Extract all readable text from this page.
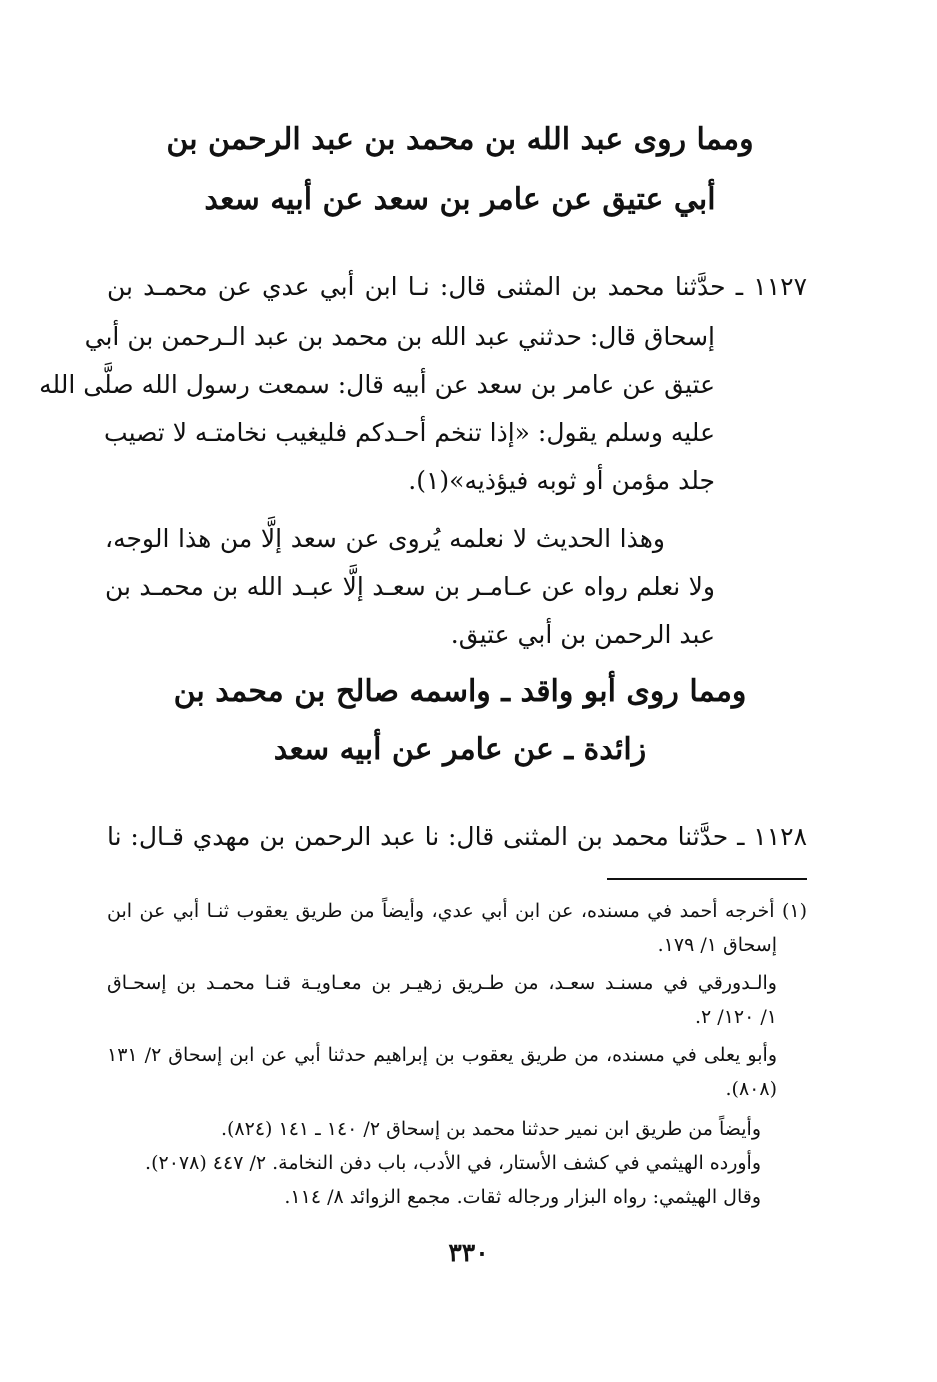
ومما روى عبد الله بن محمد بن عبد الرحمن بن
أبي عتيق عن عامر بن سعد عن أبيه سعد
١١٢٧ ـ حدَّثنا محمد بن المثنى قال: نـا ابن أبي عدي عن محمـد بن
إسحاق قال: حدثني عبد الله بن محمد بن عبد الـرحمن بن أبي
عتيق عن عامر بن سعد عن أبيه قال: سمعت رسول الله صلَّى الله
عليه وسلم يقول: «إذا تنخم أحـدكم فليغيب نخامتـه لا تصيب
جلد مؤمن أو ثوبه فيؤذيه»(١).
وهذا الحديث لا نعلمه يُروى عن سعد إلَّا من هذا الوجه،
ولا نعلم رواه عن عـامـر بن سعـد إلَّا عبـد الله بن محمـد بن
عبد الرحمن بن أبي عتيق.
ومما روى أبو واقد ـ واسمه صالح بن محمد بن
زائدة ـ عن عامر عن أبيه سعد
١١٢٨ ـ حدَّثنا محمد بن المثنى قال: نا عبد الرحمن بن مهدي قـال: نا
(١) أخرجه أحمد في مسنده، عن ابن أبي عدي، وأيضاً من طريق يعقوب ثنـا أبي عن ابن
إسحاق ١/ ١٧٩.
والـدورقي في مسنـد سعـد، من طـريق زهيـر بن معـاويـة قنـا محمـد بن إسحـاق
١/ ١٢٠/ ٢.
وأبو يعلى في مسنده، من طريق يعقوب بن إبراهيم حدثنا أبي عن ابن إسحاق ٢/ ١٣١
(٨٠٨).
وأيضاً من طريق ابن نمير حدثنا محمد بن إسحاق ٢/ ١٤٠ ـ ١٤١ (٨٢٤).
وأورده الهيثمي في كشف الأستار، في الأدب، باب دفن النخامة. ٢/ ٤٤٧ (٢٠٧٨).
وقال الهيثمي: رواه البزار ورجاله ثقات. مجمع الزوائد ٨/ ١١٤.
٣٣٠
